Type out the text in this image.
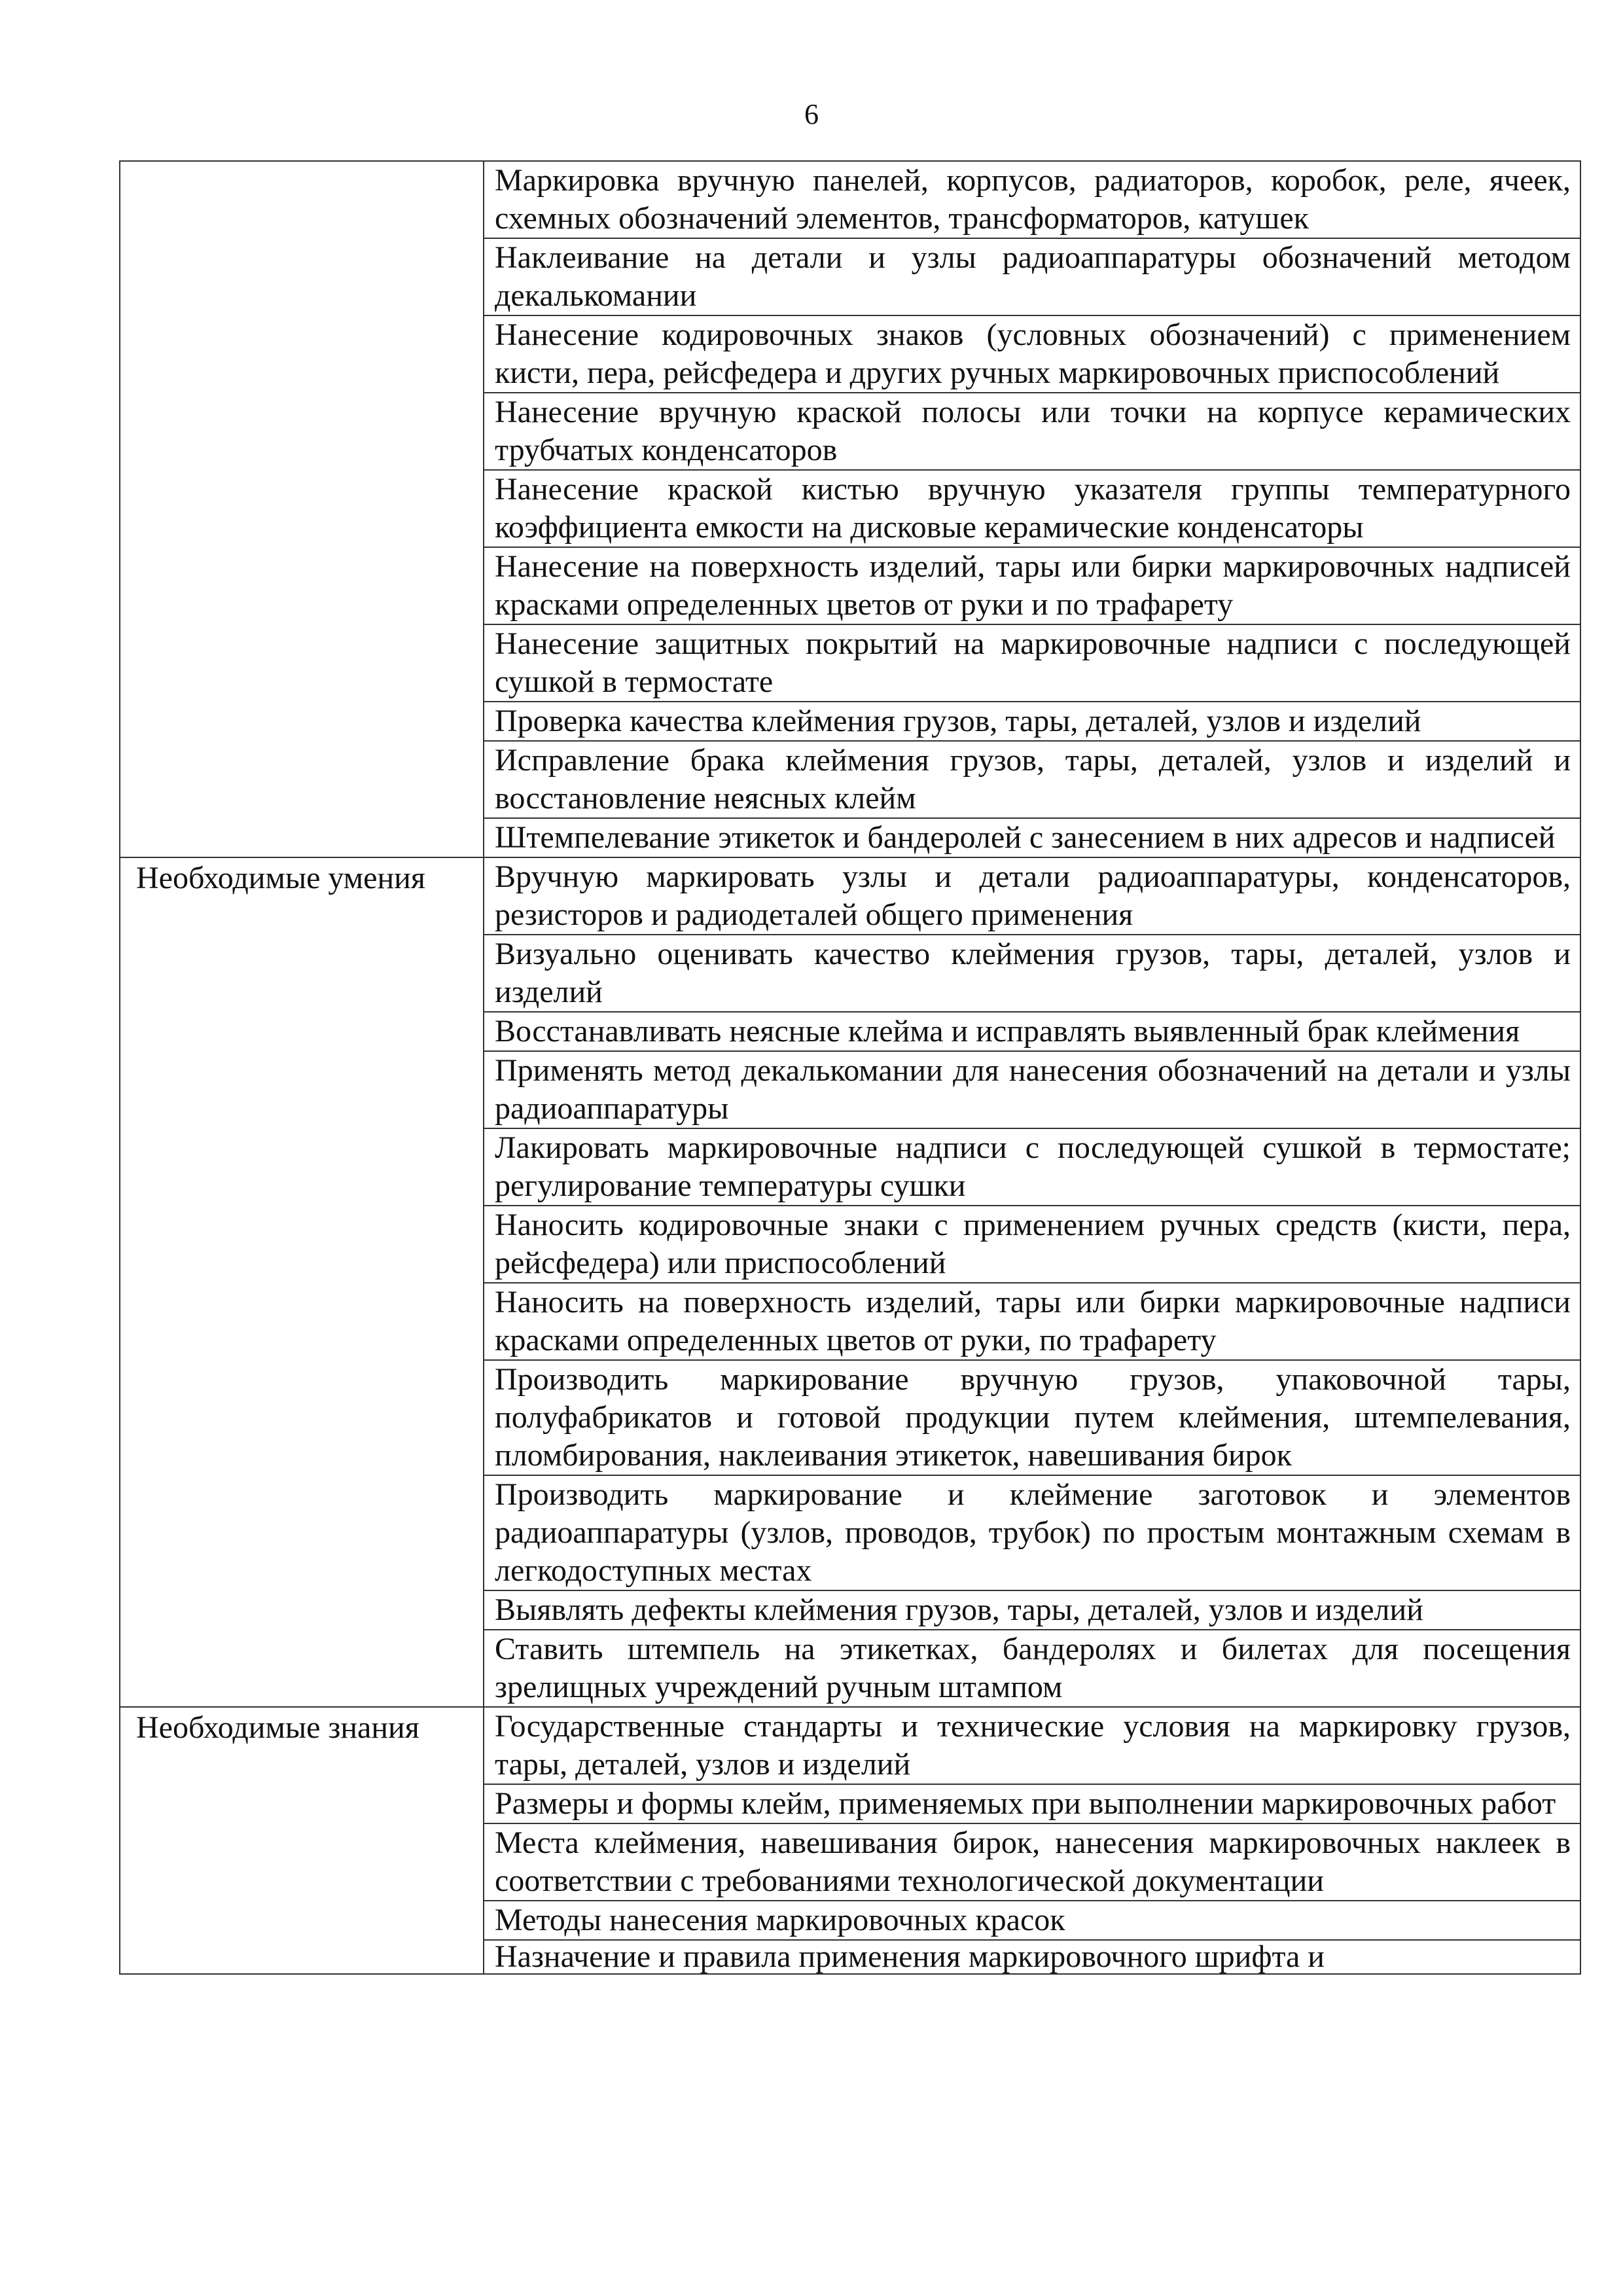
6
	Маркировка вручную панелей, корпусов, радиаторов, коробок, реле, ячеек, схемных обозначений элементов, трансформаторов, катушек
	Наклеивание на детали и узлы радиоаппаратуры обозначений методом декалькомании
	Нанесение кодировочных знаков (условных обозначений) с применением кисти, пера, рейсфедера и других ручных маркировочных приспособлений
	Нанесение вручную краской полосы или точки на корпусе керамических трубчатых конденсаторов
	Нанесение краской кистью вручную указателя группы температурного коэффициента емкости на дисковые керамические конденсаторы
	Нанесение на поверхность изделий, тары или бирки маркировочных надписей красками определенных цветов от руки и по трафарету
	Нанесение защитных покрытий на маркировочные надписи с последующей сушкой в термостате
	Проверка качества клеймения грузов, тары, деталей, узлов и изделий
	Исправление брака клеймения грузов, тары, деталей, узлов и изделий и восстановление неясных клейм
	Штемпелевание этикеток и бандеролей с занесением в них адресов и надписей
Необходимые умения	Вручную маркировать узлы и детали радиоаппаратуры, конденсаторов, резисторов и радиодеталей общего применения
	Визуально оценивать качество клеймения грузов, тары, деталей, узлов и изделий
	Восстанавливать неясные клейма и исправлять выявленный брак клеймения
	Применять метод декалькомании для нанесения обозначений на детали и узлы радиоаппаратуры
	Лакировать маркировочные надписи с последующей сушкой в термостате; регулирование температуры сушки
	Наносить кодировочные знаки с применением ручных средств (кисти, пера, рейсфедера) или приспособлений
	Наносить на поверхность изделий, тары или бирки маркировочные надписи красками определенных цветов от руки, по трафарету
	Производить маркирование вручную грузов, упаковочной тары, полуфабрикатов и готовой продукции путем клеймения, штемпелевания, пломбирования, наклеивания этикеток, навешивания бирок
	Производить маркирование и клеймение заготовок и элементов радиоаппаратуры (узлов, проводов, трубок) по простым монтажным схемам в легкодоступных местах
	Выявлять дефекты клеймения грузов, тары, деталей, узлов и изделий
	Ставить штемпель на этикетках, бандеролях и билетах для посещения зрелищных учреждений ручным штампом
Необходимые знания	Государственные стандарты и технические условия на маркировку грузов, тары, деталей, узлов и изделий
	Размеры и формы клейм, применяемых при выполнении маркировочных работ
	Места клеймения, навешивания бирок, нанесения маркировочных наклеек в соответствии с требованиями технологической документации
	Методы нанесения маркировочных красок
	Назначение и правила применения маркировочного шрифта и
